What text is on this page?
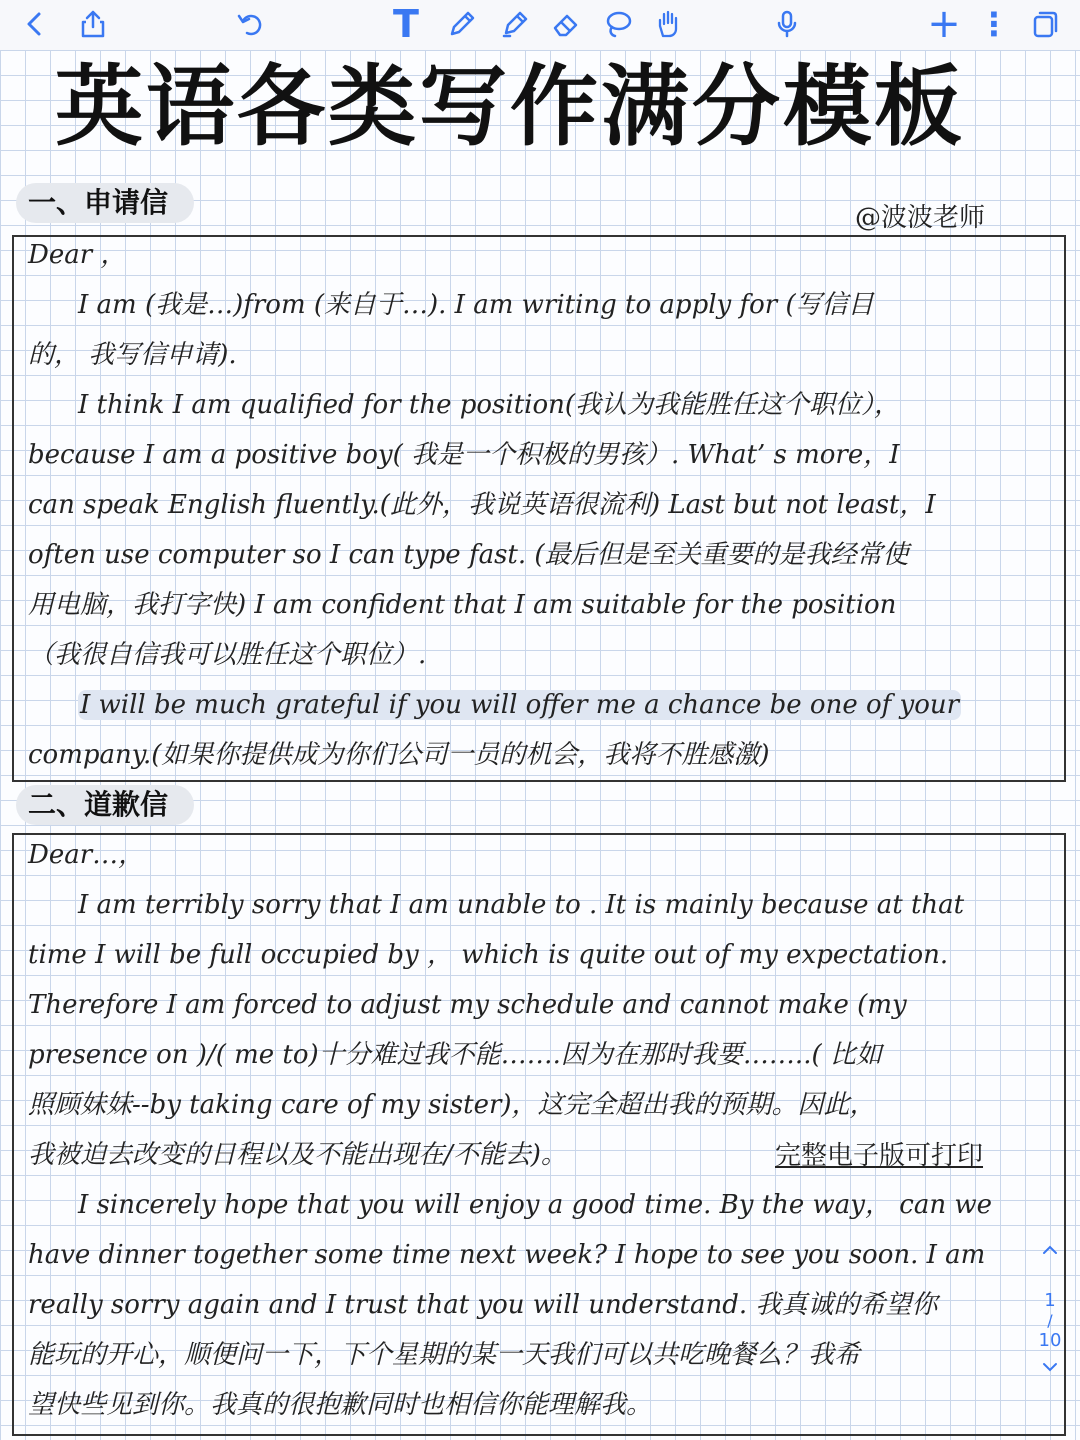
T	+ ⋮
英语各类写作满分模板
一、申请信	@波波老师
Dear ，
I am (我是…)from (来自于…). I am writing to apply for (写信目
的， 我写信申请).
I think I am qualified for the position(我认为我能胜任这个职位），
because I am a positive boy( 我是一个积极的男孩）. What’ s more，I
can speak English fluently.(此外，我说英语很流利) Last but not least，I
often use computer so I can type fast. (最后但是至关重要的是我经常使
用电脑，我打字快) I am confident that I am suitable for the position
（我很自信我可以胜任这个职位）.
I will be much grateful if you will offer me a chance be one of your
company.(如果你提供成为你们公司一员的机会，我将不胜感激)
二、道歉信
Dear…，
I am terribly sorry that I am unable to . It is mainly because at that
time I will be full occupied by ， which is quite out of my expectation.
Therefore I am forced to adjust my schedule and cannot make (my
presence on )/( me to)十分难过我不能…….因为在那时我要……..( 比如
照顾妹妹--by taking care of my sister)，这完全超出我的预期。因此，
我被迫去改变的日程以及不能出现在/不能去)。	完整电子版可打印
I sincerely hope that you will enjoy a good time. By the way， can we
have dinner together some time next week? I hope to see you soon. I am
really sorry again and I trust that you will understand. 我真诚的希望你
能玩的开心，顺便问一下，下个星期的某一天我们可以共吃晚餐么？我希
望快些见到你。我真的很抱歉同时也相信你能理解我。
1
/
10
